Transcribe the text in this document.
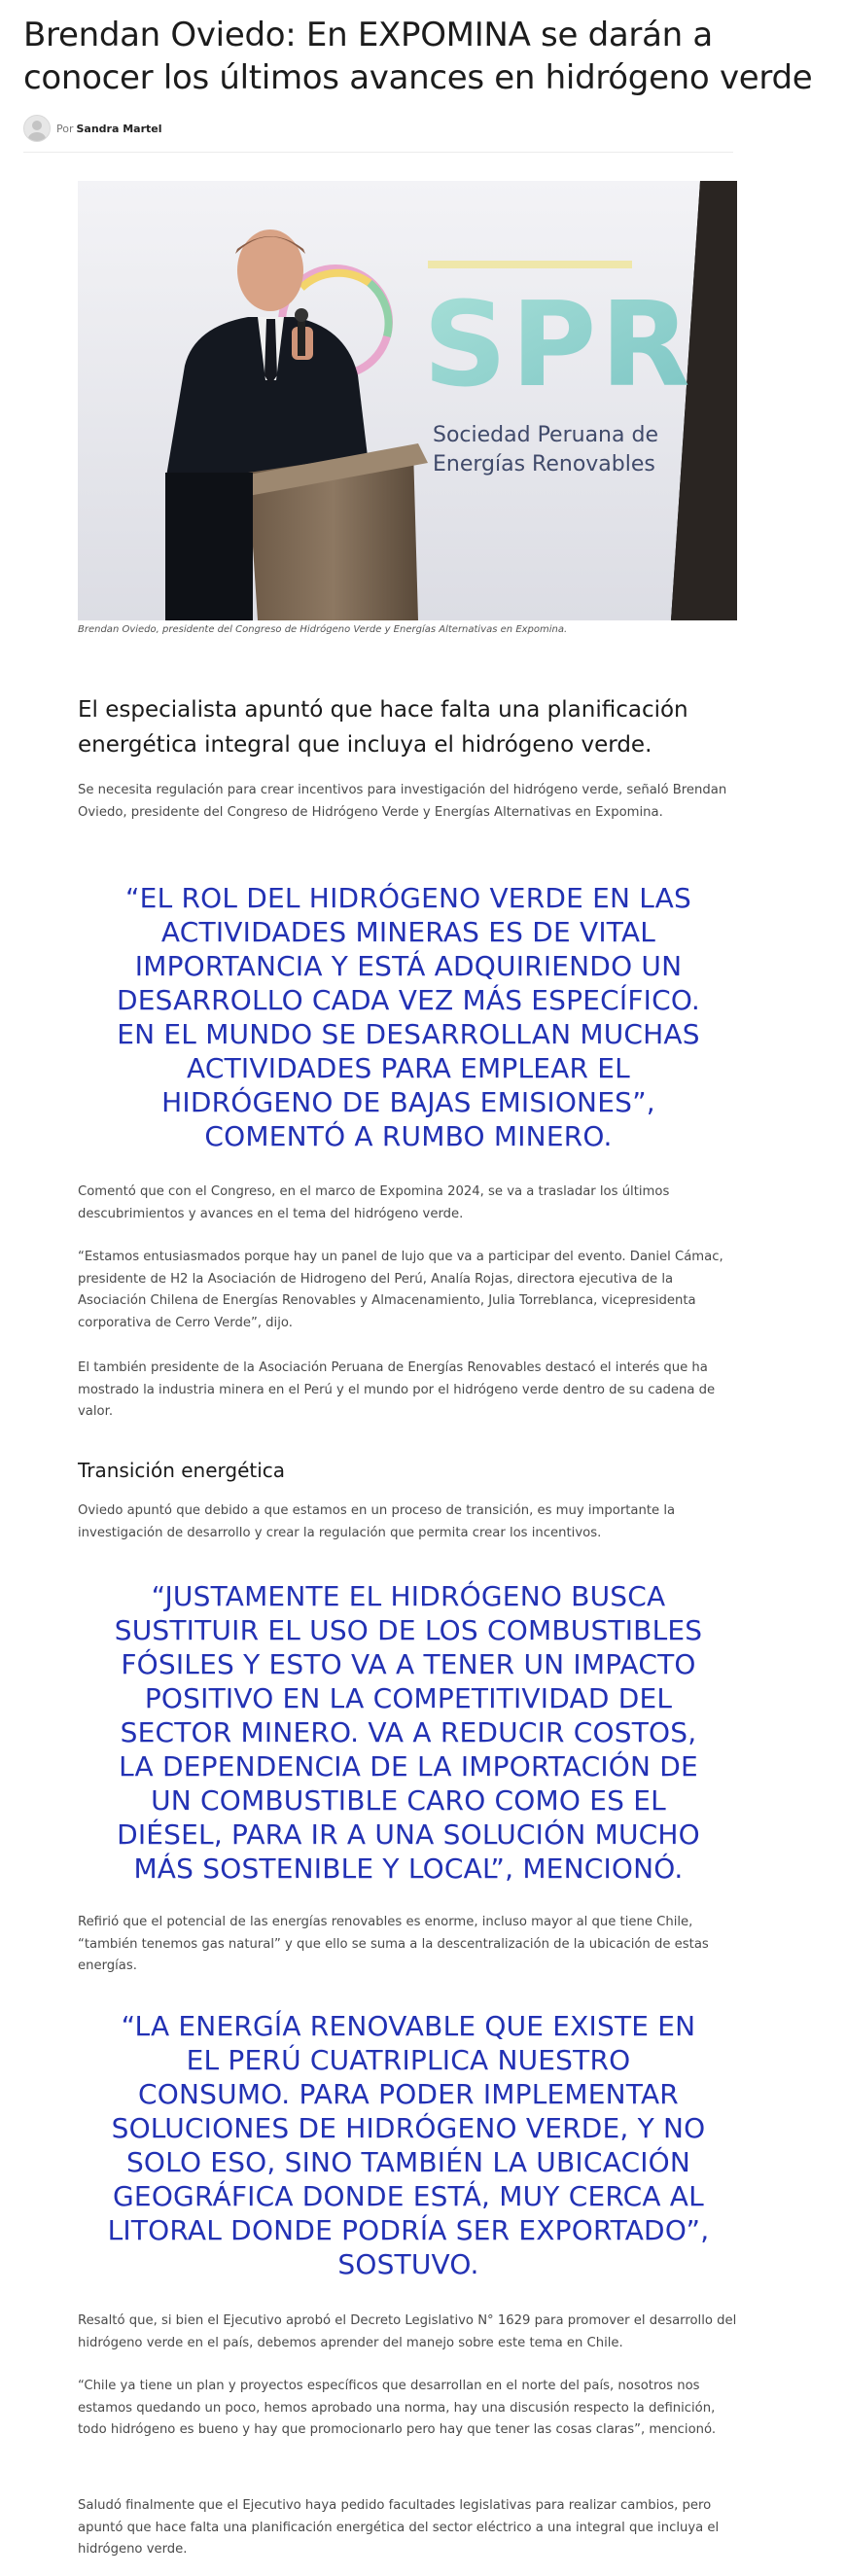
Brendan Oviedo: En EXPOMINA se darán a conocer los últimos avances en hidrógeno verde
Por Sandra Martel
SPR
Sociedad Peruana de
Energías Renovables
Brendan Oviedo, presidente del Congreso de Hidrógeno Verde y Energías Alternativas en Expomina.
El especialista apuntó que hace falta una planificación energética integral que incluya el hidrógeno verde.

Se necesita regulación para crear incentivos para investigación del hidrógeno verde, señaló Brendan Oviedo, presidente del Congreso de Hidrógeno Verde y Energías Alternativas en Expomina.

“EL ROL DEL HIDRÓGENO VERDE EN LAS ACTIVIDADES MINERAS ES DE VITAL IMPORTANCIA Y ESTÁ ADQUIRIENDO UN DESARROLLO CADA VEZ MÁS ESPECÍFICO. EN EL MUNDO SE DESARROLLAN MUCHAS ACTIVIDADES PARA EMPLEAR EL HIDRÓGENO DE BAJAS EMISIONES”, COMENTÓ A RUMBO MINERO.

Comentó que con el Congreso, en el marco de Expomina 2024, se va a trasladar los últimos descubrimientos y avances en el tema del hidrógeno verde.

“Estamos entusiasmados porque hay un panel de lujo que va a participar del evento. Daniel Cámac, presidente de H2 la Asociación de Hidrogeno del Perú, Analía Rojas, directora ejecutiva de la Asociación Chilena de Energías Renovables y Almacenamiento, Julia Torreblanca, vicepresidenta corporativa de Cerro Verde”, dijo.

El también presidente de la Asociación Peruana de Energías Renovables destacó el interés que ha mostrado la industria minera en el Perú y el mundo por el hidrógeno verde dentro de su cadena de valor.

Transición energética

Oviedo apuntó que debido a que estamos en un proceso de transición, es muy importante la investigación de desarrollo y crear la regulación que permita crear los incentivos.

“JUSTAMENTE EL HIDRÓGENO BUSCA SUSTITUIR EL USO DE LOS COMBUSTIBLES FÓSILES Y ESTO VA A TENER UN IMPACTO POSITIVO EN LA COMPETITIVIDAD DEL SECTOR MINERO. VA A REDUCIR COSTOS, LA DEPENDENCIA DE LA IMPORTACIÓN DE UN COMBUSTIBLE CARO COMO ES EL DIÉSEL, PARA IR A UNA SOLUCIÓN MUCHO MÁS SOSTENIBLE Y LOCAL”, MENCIONÓ.

Refirió que el potencial de las energías renovables es enorme, incluso mayor al que tiene Chile, “también tenemos gas natural” y que ello se suma a la descentralización de la ubicación de estas energías.

“LA ENERGÍA RENOVABLE QUE EXISTE EN EL PERÚ CUATRIPLICA NUESTRO CONSUMO. PARA PODER IMPLEMENTAR SOLUCIONES DE HIDRÓGENO VERDE, Y NO SOLO ESO, SINO TAMBIÉN LA UBICACIÓN GEOGRÁFICA DONDE ESTÁ, MUY CERCA AL LITORAL DONDE PODRÍA SER EXPORTADO”, SOSTUVO.

Resaltó que, si bien el Ejecutivo aprobó el Decreto Legislativo N° 1629 para promover el desarrollo del hidrógeno verde en el país, debemos aprender del manejo sobre este tema en Chile.

“Chile ya tiene un plan y proyectos específicos que desarrollan en el norte del país, nosotros nos estamos quedando un poco, hemos aprobado una norma, hay una discusión respecto la definición, todo hidrógeno es bueno y hay que promocionarlo pero hay que tener las cosas claras”, mencionó.

Saludó finalmente que el Ejecutivo haya pedido facultades legislativas para realizar cambios, pero apuntó que hace falta una planificación energética del sector eléctrico a una integral que incluya el hidrógeno verde.
